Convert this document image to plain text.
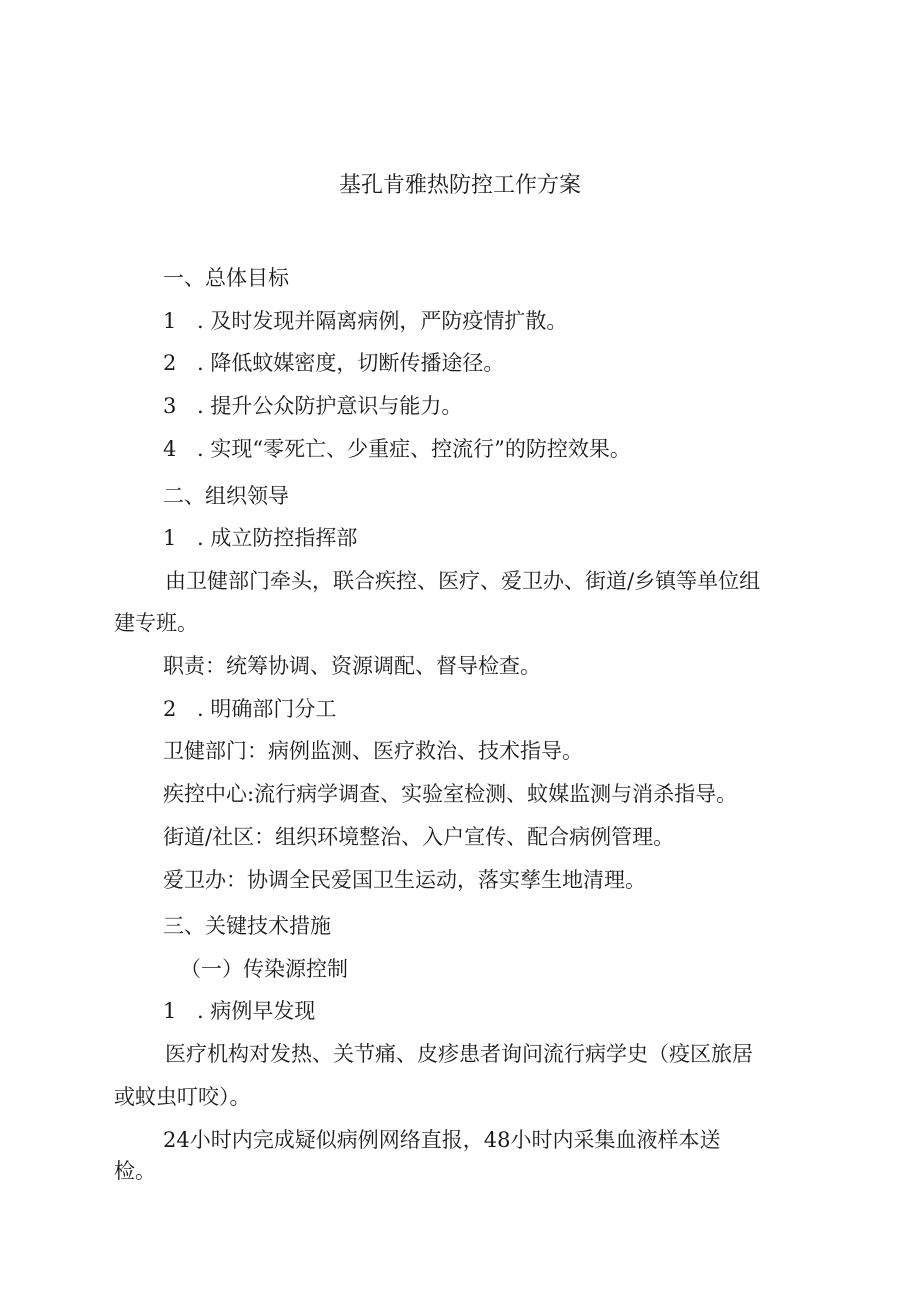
基孔肯雅热防控工作方案
一、总体目标
1 . 及时发现并隔离病例，严防疫情扩散。
2 . 降低蚊媒密度，切断传播途径。
3 . 提升公众防护意识与能力。
4 . 实现“零死亡、少重症、控流行”的防控效果。
二、组织领导
1 . 成立防控指挥部
由卫健部门牵头，联合疾控、医疗、爱卫办、街道/乡镇等单位组
建专班。
职责：统筹协调、资源调配、督导检查。
2 . 明确部门分工
卫健部门：病例监测、医疗救治、技术指导。
疾控中心:流行病学调查、实验室检测、蚊媒监测与消杀指导。
街道/社区：组织环境整治、入户宣传、配合病例管理。
爱卫办：协调全民爱国卫生运动，落实孳生地清理。
三、关键技术措施
（一）传染源控制
1 . 病例早发现
医疗机构对发热、关节痛、皮疹患者询问流行病学史（疫区旅居
或蚊虫叮咬）。
24小时内完成疑似病例网络直报，48小时内采集血液样本送
检。
